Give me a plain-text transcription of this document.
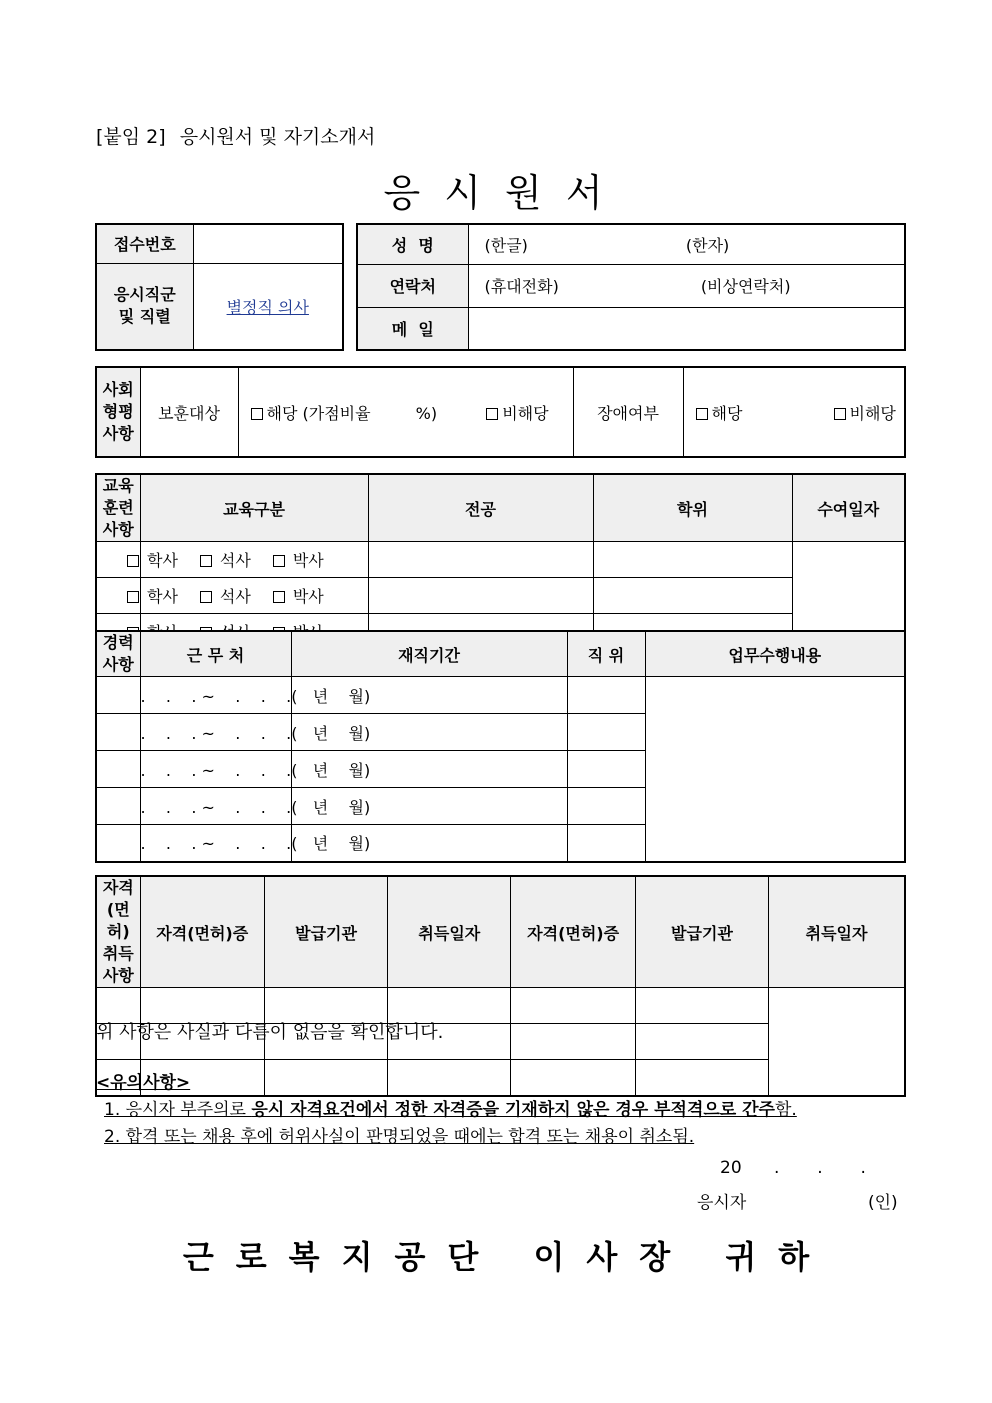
[붙임 2] 응시원서 및 자기소개서
응 시 원 서
접수번호	

응시직군
및 직렬	별정직 의사
성  명	(한글) (한자)

연락처	(휴대전화) (비상연락처)

메  일	
사회
형평
사항
	보훈대상	해당 (가점비율	%)	비해당	장애여부	해당	비해당
교육
훈련
사항	교육구분	전공	학위	수여일자
학사 석사 박사				
학사 석사 박사				

경력
사항	근 무 처	재직기간	직 위	업무수행내용
	.    .    . ~    .    .    .(   년    월)			
	.    .    . ~    .    .    .(   년    월)			
	.    .    . ~    .    .    .(   년    월)			
	.    .    . ~    .    .    .(   년    월)			
	.    .    . ~    .    .    .(   년    월)			
자격
(면허)
취득
사항	자격(면허)증	발급기관	취득일자	자격(면허)증	발급기관	취득일자

위 사항은 사실과 다름이 없음을 확인합니다.
<유의사항>
1. 응시자 부주의로 응시 자격요건에서 정한 자격증을 기재하지 않은 경우 부적격으로 간주함.
2. 합격 또는 채용 후에 허위사실이 판명되었을 때에는 합격 또는 채용이 취소됨.
20      .       .       .
응시자	(인)
근로복지공단 이사장 귀하
